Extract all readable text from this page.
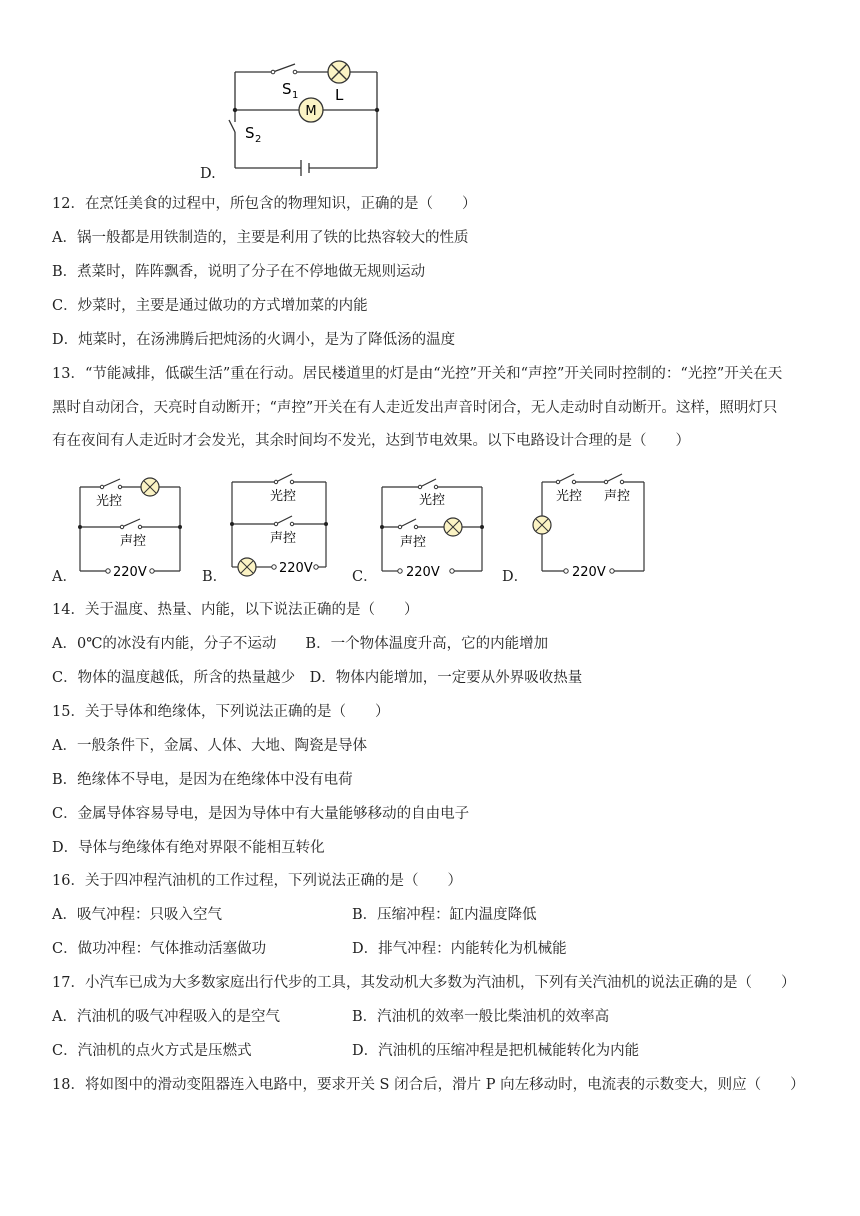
D.
M
S 1 L
S 2
12．在烹饪美食的过程中，所包含的物理知识，正确的是（　　）
A．锅一般都是用铁制造的，主要是利用了铁的比热容较大的性质
B．煮菜时，阵阵飘香，说明了分子在不停地做无规则运动
C．炒菜时，主要是通过做功的方式增加菜的内能
D．炖菜时，在汤沸腾后把炖汤的火调小，是为了降低汤的温度
13．“节能减排，低碳生活”重在行动。居民楼道里的灯是由“光控”开关和“声控”开关同时控制的：“光控”开关在天
黑时自动闭合，天亮时自动断开；“声控”开关在有人走近发出声音时闭合，无人走动时自动断开。这样，照明灯只
有在夜间有人走近时才会发光，其余时间均不发光，达到节电效果。以下电路设计合理的是（　　）
A．
光控
声控
220V	B．
光控
声控
220V
C．
光控
声控
220V	D．
光控 声控
220V
14．关于温度、热量、内能，以下说法正确的是（　　）
A．0℃的冰没有内能，分子不运动　　B．一个物体温度升高，它的内能增加
C．物体的温度越低，所含的热量越少　D．物体内能增加，一定要从外界吸收热量
15．关于导体和绝缘体，下列说法正确的是（　　）
A．一般条件下，金属、人体、大地、陶瓷是导体
B．绝缘体不导电，是因为在绝缘体中没有电荷
C．金属导体容易导电，是因为导体中有大量能够移动的自由电子
D．导体与绝缘体有绝对界限不能相互转化
16．关于四冲程汽油机的工作过程，下列说法正确的是（　　）
A．吸气冲程：只吸入空气	B．压缩冲程：缸内温度降低
C．做功冲程：气体推动活塞做功	D．排气冲程：内能转化为机械能
17．小汽车已成为大多数家庭出行代步的工具，其发动机大多数为汽油机，下列有关汽油机的说法正确的是（　　）
A．汽油机的吸气冲程吸入的是空气	B．汽油机的效率一般比柴油机的效率高
C．汽油机的点火方式是压燃式	D．汽油机的压缩冲程是把机械能转化为内能
18．将如图中的滑动变阻器连入电路中，要求开关 S 闭合后，滑片 P 向左移动时，电流表的示数变大，则应（　　）
